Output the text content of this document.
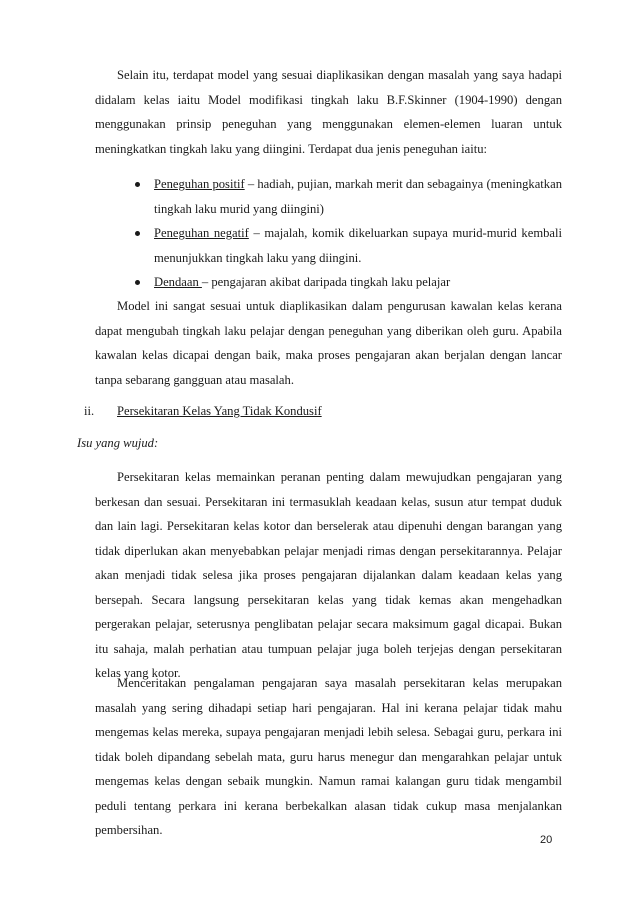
Selain itu, terdapat model yang sesuai diaplikasikan dengan masalah yang saya hadapi didalam kelas iaitu Model modifikasi tingkah laku B.F.Skinner (1904-1990) dengan menggunakan prinsip peneguhan yang menggunakan elemen-elemen luaran untuk meningkatkan tingkah laku yang diingini. Terdapat dua jenis peneguhan iaitu:

Peneguhan positif – hadiah, pujian, markah merit dan sebagainya (meningkatkan tingkah laku murid yang diingini)
Peneguhan negatif – majalah, komik dikeluarkan supaya murid-murid kembali menunjukkan tingkah laku yang diingini.
Dendaan – pengajaran akibat daripada tingkah laku pelajar

Model ini sangat sesuai untuk diaplikasikan dalam pengurusan kawalan kelas kerana dapat mengubah tingkah laku pelajar dengan peneguhan yang diberikan oleh guru. Apabila kawalan kelas dicapai dengan baik, maka proses pengajaran akan berjalan dengan lancar tanpa sebarang gangguan atau masalah.

ii.	Persekitaran Kelas Yang Tidak Kondusif
Isu yang wujud:

Persekitaran kelas memainkan peranan penting dalam mewujudkan pengajaran yang berkesan dan sesuai. Persekitaran ini termasuklah keadaan kelas, susun atur tempat duduk dan lain lagi. Persekitaran kelas kotor dan berselerak atau dipenuhi dengan barangan yang tidak diperlukan akan menyebabkan pelajar menjadi rimas dengan persekitarannya. Pelajar akan menjadi tidak selesa jika proses pengajaran dijalankan dalam keadaan kelas yang bersepah. Secara langsung persekitaran kelas yang tidak kemas akan mengehadkan pergerakan pelajar, seterusnya penglibatan pelajar secara maksimum gagal dicapai. Bukan itu sahaja, malah perhatian atau tumpuan pelajar juga boleh terjejas dengan persekitaran kelas yang kotor.

Menceritakan pengalaman pengajaran saya masalah persekitaran kelas merupakan masalah yang sering dihadapi setiap hari pengajaran. Hal ini kerana pelajar tidak mahu mengemas kelas mereka, supaya pengajaran menjadi lebih selesa. Sebagai guru, perkara ini tidak boleh dipandang sebelah mata, guru harus menegur dan mengarahkan pelajar untuk mengemas kelas dengan sebaik mungkin. Namun ramai kalangan guru tidak mengambil peduli tentang perkara ini kerana berbekalkan alasan tidak cukup masa menjalankan pembersihan.

20
